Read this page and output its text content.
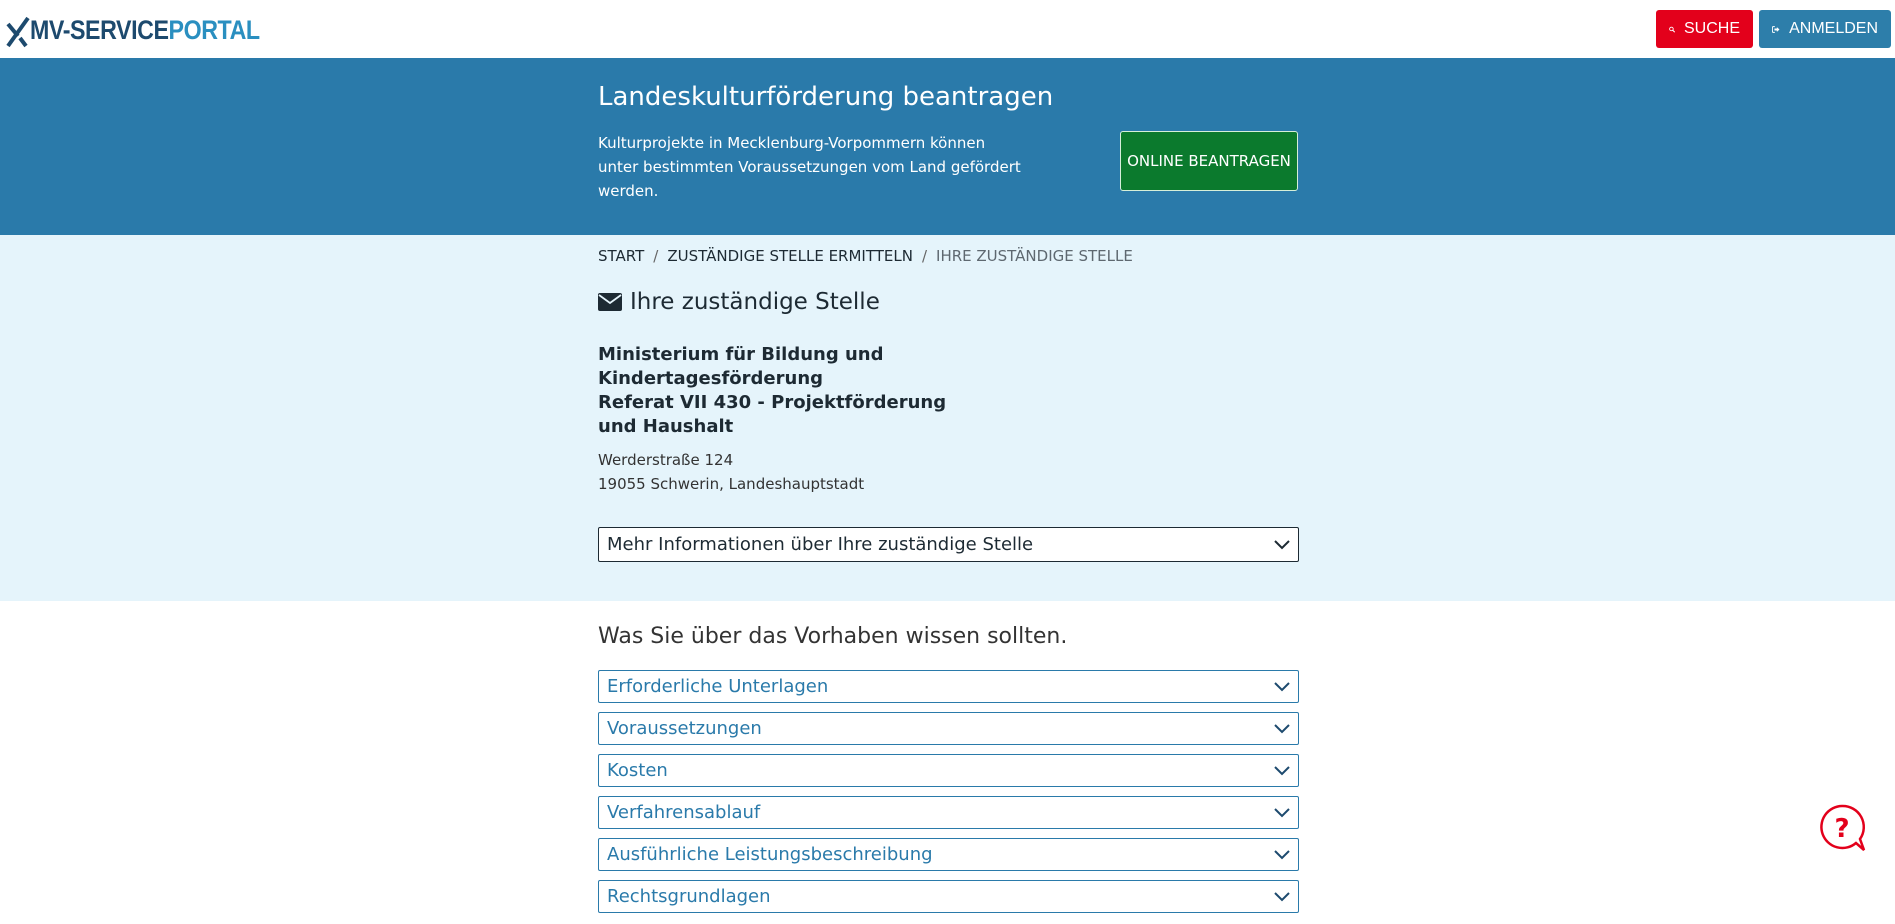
MV-SERVICEPORTAL	SUCHE	ANMELDEN
Landeskulturförderung beantragen

Kulturprojekte in Mecklenburg-Vorpommern können unter bestimmten Voraussetzungen vom Land gefördert werden.

ONLINE BEANTRAGEN
START / ZUSTÄNDIGE STELLE ERMITTELN / IHRE ZUSTÄNDIGE STELLE
Ihre zuständige Stelle
Ministerium für Bildung und Kindertagesförderung
Referat VII 430 - Projektförderung und Haushalt
Werderstraße 124
19055 Schwerin, Landeshauptstadt
Mehr Informationen über Ihre zuständige Stelle
Was Sie über das Vorhaben wissen sollten.
Erforderliche Unterlagen
Voraussetzungen
Kosten
Verfahrensablauf
Ausführliche Leistungsbeschreibung
Rechtsgrundlagen
?
